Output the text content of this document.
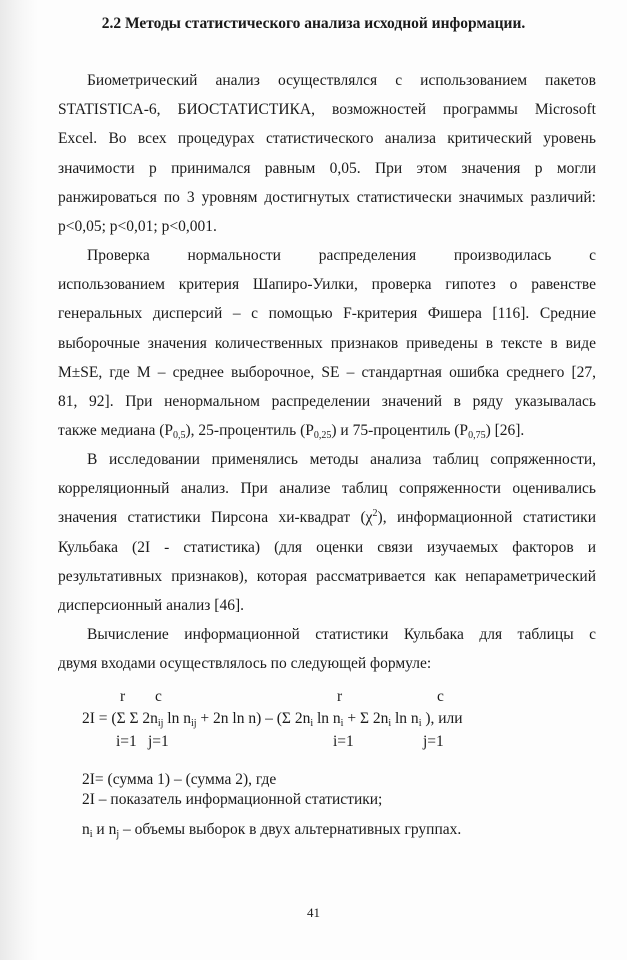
2.2 Методы статистического анализа исходной информации.
Биометрический анализ осуществлялся с использованием пакетов
STATISTICA-6, БИОСТАТИСТИКА, возможностей программы Microsoft
Excel. Во всех процедурах статистического анализа критический уровень
значимости р принимался равным 0,05. При этом значения р могли
ранжироваться по 3 уровням достигнутых статистически значимых различий:
р<0,05; р<0,01; р<0,001.
Проверка нормальности распределения производилась с
использованием критерия Шапиро-Уилки, проверка гипотез о равенстве
генеральных дисперсий – с помощью F-критерия Фишера [116]. Средние
выборочные значения количественных признаков приведены в тексте в виде
M±SE, где М – среднее выборочное, SE – стандартная ошибка среднего [27,
81, 92]. При ненормальном распределении значений в ряду указывалась
также медиана $(P_{0,5})$, 25-процентиль $(P_{0,25})$ и 75-процентиль $(P_{0,75})$ [26].
В исследовании применялись методы анализа таблиц сопряженности,
корреляционный анализ. При анализе таблиц сопряженности оценивались
значения статистики Пирсона хи-квадрат $(\chi^2)$, информационной статистики
Кульбака (2I - статистика) (для оценки связи изучаемых факторов и
результативных признаков), которая рассматривается как непараметрический
дисперсионный анализ [46].
Вычисление информационной статистики Кульбака для таблицы с
двумя входами осуществлялось по следующей формуле:
r c	r	c
2I = (Σ Σ $2n_{ij}$ $\ln n_{ij} + 2n$ ln n) – (Σ $2n_i$ $\ln n_i + \Sigma$ $2n_i$ $\ln n_i$ ), или
i=1 j=1	i=1	j=1
2I= (сумма 1) – (сумма 2), где
2I – показатель информационной статистики;
$n_i$ и $n_j$ – объемы выборок в двух альтернативных группах.
41
